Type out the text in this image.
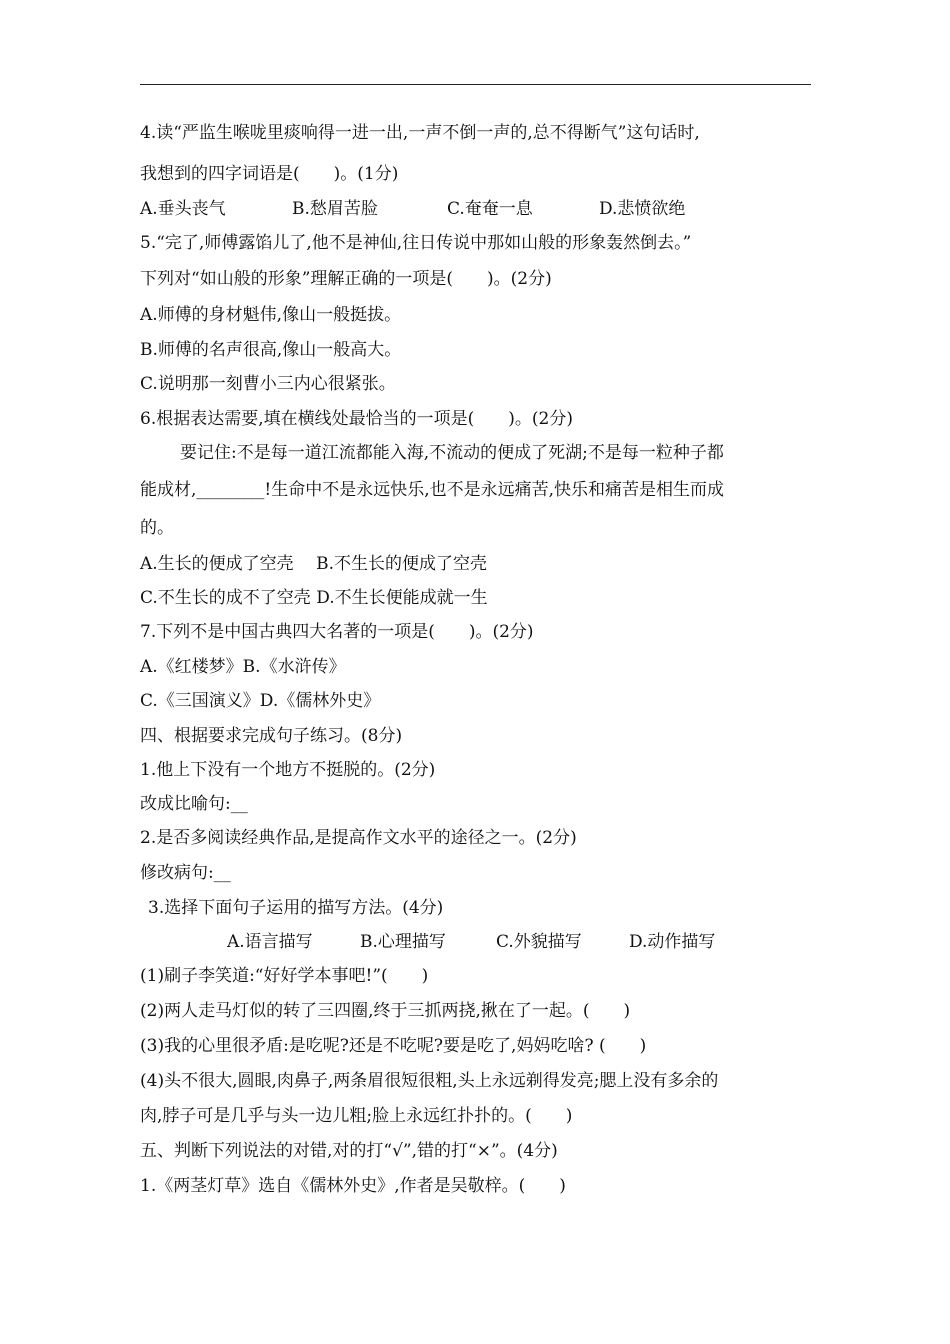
4.读“严监生喉咙里痰响得一进一出,一声不倒一声的,总不得断气”这句话时,
我想到的四字词语是(　　)。(1分)
A.垂头丧气	B.愁眉苦脸	C.奄奄一息	D.悲愤欲绝
5.“完了,师傅露馅儿了,他不是神仙,往日传说中那如山般的形象轰然倒去。”
下列对“如山般的形象”理解正确的一项是(　　)。(2分)
A.师傅的身材魁伟,像山一般挺拔。
B.师傅的名声很高,像山一般高大。
C.说明那一刻曹小三内心很紧张。
6.根据表达需要,填在横线处最恰当的一项是(　　)。(2分)
要记住:不是每一道江流都能入海,不流动的便成了死湖;不是每一粒种子都
能成材,________!生命中不是永远快乐,也不是永远痛苦,快乐和痛苦是相生而成
的。
A.生长的便成了空壳　 B.不生长的便成了空壳
C.不生长的成不了空壳 D.不生长便能成就一生
7.下列不是中国古典四大名著的一项是(　　)。(2分)
A.《红楼梦》B.《水浒传》
C.《三国演义》D.《儒林外史》
四、根据要求完成句子练习。(8分)
1.他上下没有一个地方不挺脱的。(2分)
改成比喻句:__
2.是否多阅读经典作品,是提高作文水平的途径之一。(2分)
修改病句:__
3.选择下面句子运用的描写方法。(4分)
A.语言描写	B.心理描写	C.外貌描写	D.动作描写
(1)刷子李笑道:“好好学本事吧!”(　　)
(2)两人走马灯似的转了三四圈,终于三抓两挠,揪在了一起。(　　)
(3)我的心里很矛盾:是吃呢?还是不吃呢?要是吃了,妈妈吃啥? (　　)
(4)头不很大,圆眼,肉鼻子,两条眉很短很粗,头上永远剃得发亮;腮上没有多余的
肉,脖子可是几乎与头一边儿粗;脸上永远红扑扑的。(　　)
五、判断下列说法的对错,对的打“√”,错的打“×”。(4分)
1.《两茎灯草》选自《儒林外史》,作者是吴敬梓。(　　)
